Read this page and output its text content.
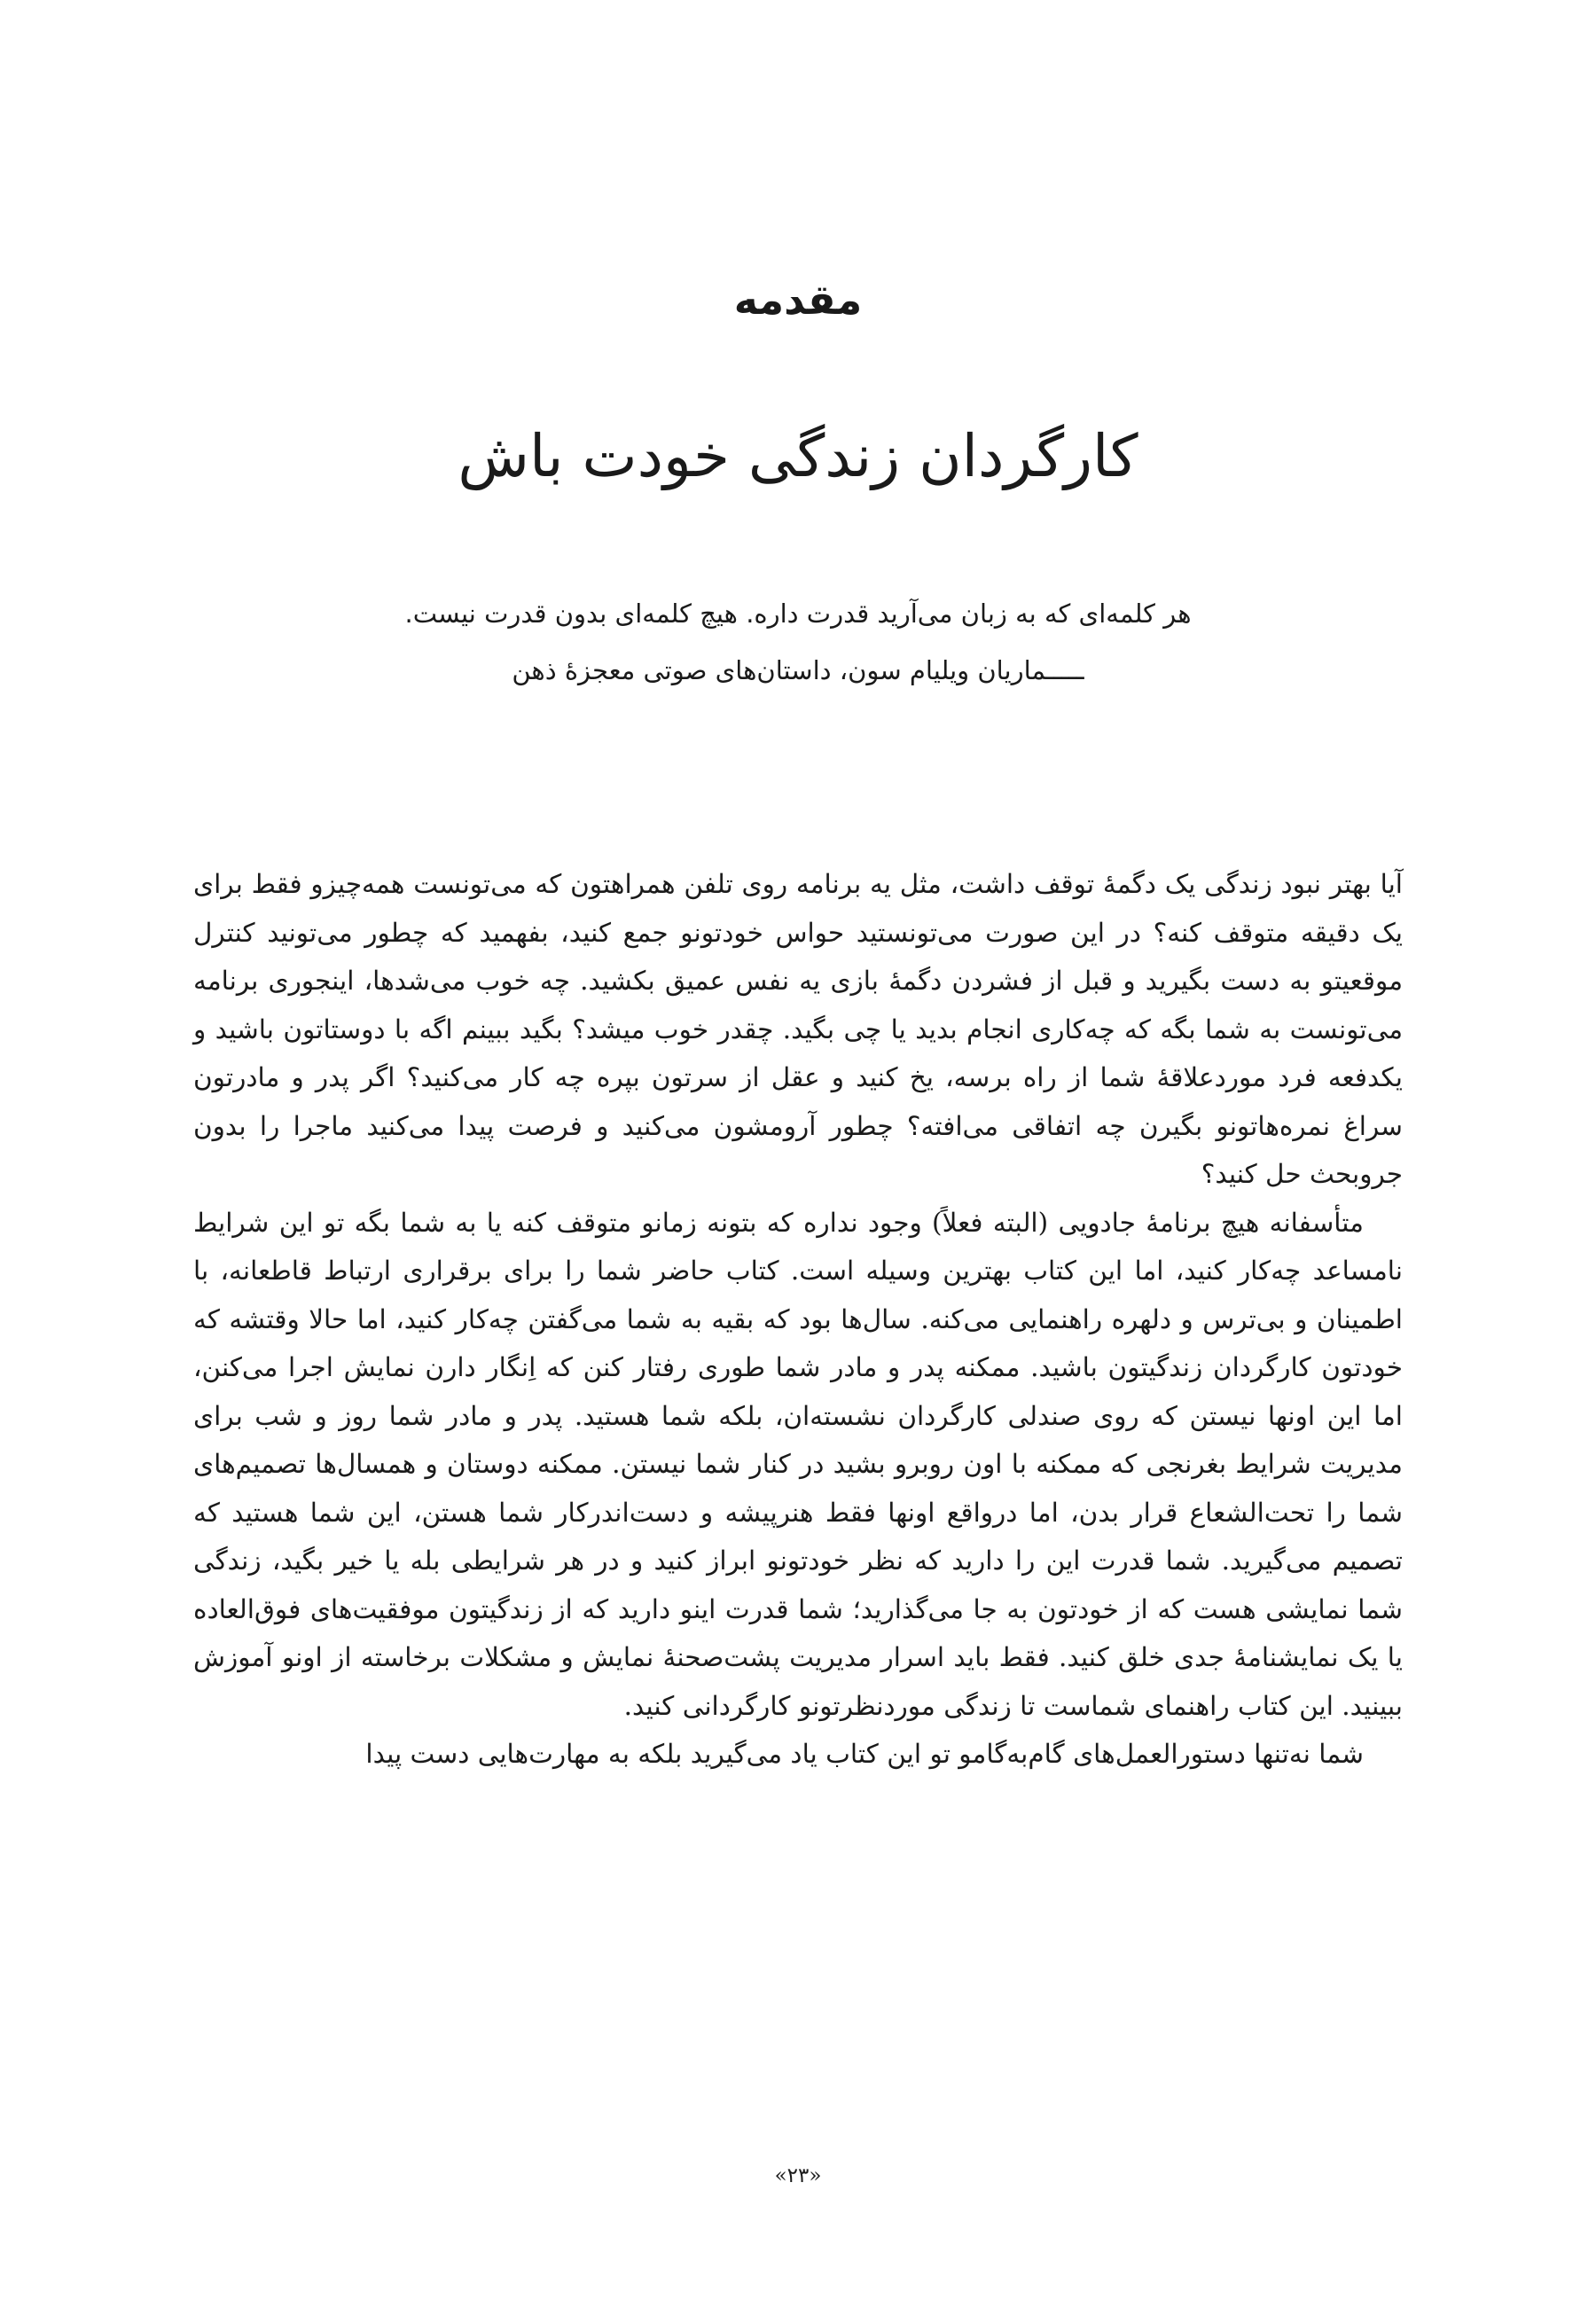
مقدمه
کارگردان زندگی خودت باش
هر کلمه‌ای که به زبان می‌آرید قدرت داره. هیچ کلمه‌ای بدون قدرت نیست.
ـــــماریان ویلیام سون، داستان‌های صوتی معجزهٔ ذهن

آیا بهتر نبود زندگی یک دگمهٔ توقف داشت، مثل یه برنامه روی تلفن همراهتون که می‌تونست همه‌چیزو فقط برای یک دقیقه متوقف کنه؟ در این صورت می‌تونستید حواس خودتونو جمع کنید، بفهمید که چطور می‌تونید کنترل موقعیتو به دست بگیرید و قبل از فشردن دگمهٔ بازی یه نفس عمیق بکشید. چه خوب می‌شدها، اینجوری برنامه می‌تونست به شما بگه که چه‌کاری انجام بدید یا چی بگید. چقدر خوب میشد؟ بگید ببینم اگه با دوستاتون باشید و یکدفعه فرد موردعلاقهٔ شما از راه برسه، یخ کنید و عقل از سرتون بپره چه کار می‌کنید؟ اگر پدر و مادرتون سراغ نمره‌هاتونو بگیرن چه اتفاقی می‌افته؟ چطور آرومشون می‌کنید و فرصت پیدا می‌کنید ماجرا را بدون جروبحث حل کنید؟

متأسفانه هیچ برنامهٔ جادویی (البته فعلاً) وجود نداره که بتونه زمانو متوقف کنه یا به شما بگه تو این شرایط نامساعد چه‌کار کنید، اما این کتاب بهترین وسیله است. کتاب حاضر شما را برای برقراری ارتباط قاطعانه، با اطمینان و بی‌ترس و دلهره راهنمایی می‌کنه. سال‌ها بود که بقیه به شما می‌گفتن چه‌کار کنید، اما حالا وقتشه که خودتون کارگردان زندگیتون باشید. ممکنه پدر و مادر شما طوری رفتار کنن که اِنگار دارن نمایش اجرا می‌کنن، اما این اونها نیستن که روی صندلی کارگردان نشسته‌ان، بلکه شما هستید. پدر و مادر شما روز و شب برای مدیریت شرایط بغرنجی که ممکنه با اون روبرو بشید در کنار شما نیستن. ممکنه دوستان و همسال‌ها تصمیم‌های شما را تحت‌الشعاع قرار بدن، اما درواقع اونها فقط هنرپیشه و دست‌اندرکار شما هستن، این شما هستید که تصمیم می‌گیرید. شما قدرت این را دارید که نظر خودتونو ابراز کنید و در هر شرایطی بله یا خیر بگید، زندگی شما نمایشی هست که از خودتون به جا می‌گذارید؛ شما قدرت اینو دارید که از زندگیتون موفقیت‌های فوق‌العاده یا یک نمایشنامهٔ جدی خلق کنید. فقط باید اسرار مدیریت پشت‌صحنهٔ نمایش و مشکلات برخاسته از اونو آموزش ببینید. این کتاب راهنمای شماست تا زندگی موردنظرتونو کارگردانی کنید.

شما نه‌تنها دستورالعمل‌های گام‌به‌گامو تو این کتاب یاد می‌گیرید بلکه به مهارت‌هایی دست پیدا

«۲۳»
